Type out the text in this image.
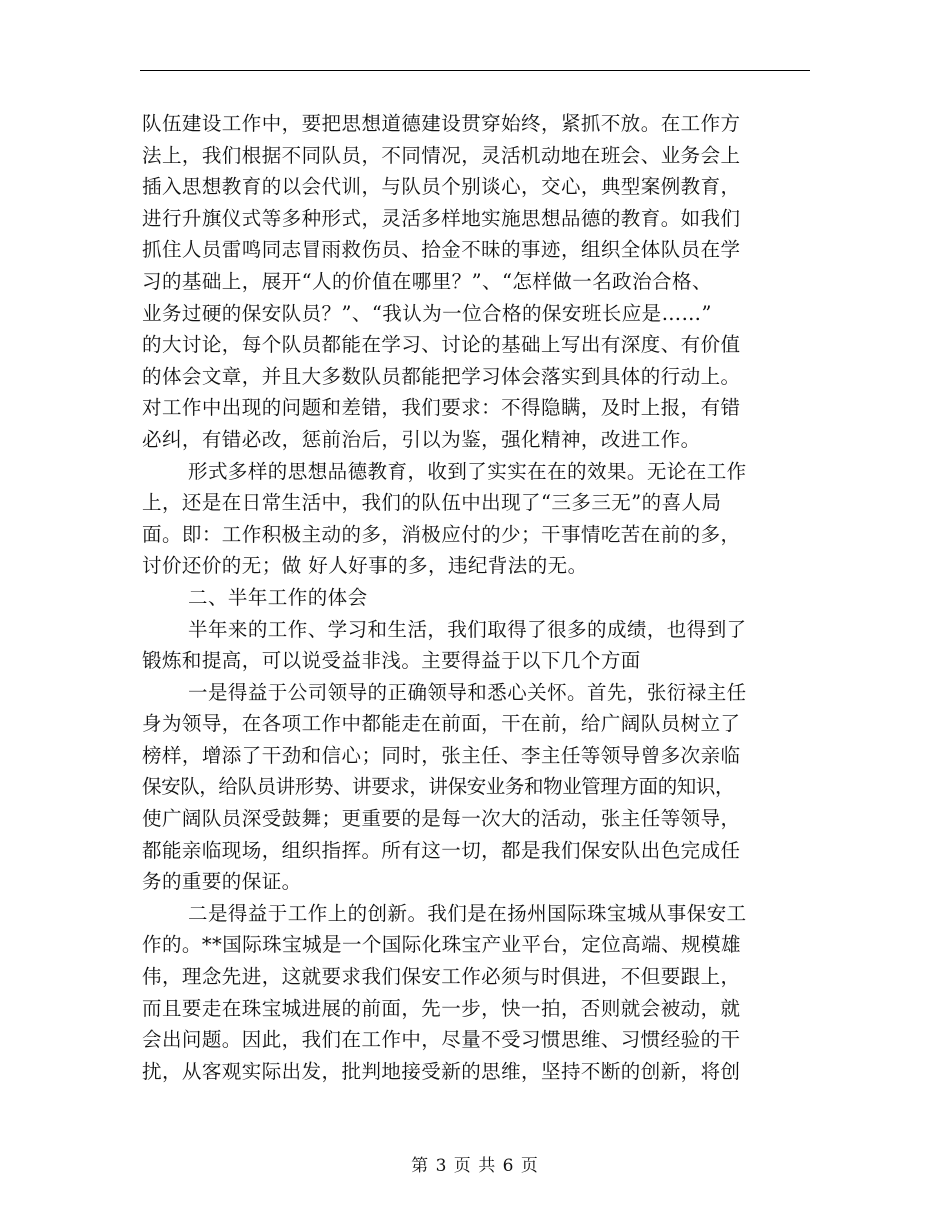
队伍建设工作中，要把思想道德建设贯穿始终，紧抓不放。在工作方
法上，我们根据不同队员，不同情况，灵活机动地在班会、业务会上
插入思想教育的以会代训，与队员个别谈心，交心，典型案例教育，
进行升旗仪式等多种形式，灵活多样地实施思想品德的教育。如我们
抓住人员雷鸣同志冒雨救伤员、拾金不昧的事迹，组织全体队员在学
习的基础上，展开“人的价值在哪里？”、“怎样做一名政治合格、
业务过硬的保安队员？”、“我认为一位合格的保安班长应是……”
的大讨论，每个队员都能在学习、讨论的基础上写出有深度、有价值
的体会文章，并且大多数队员都能把学习体会落实到具体的行动上。
对工作中出现的问题和差错，我们要求：不得隐瞒，及时上报，有错
必纠，有错必改，惩前治后，引以为鉴，强化精神，改进工作。
形式多样的思想品德教育，收到了实实在在的效果。无论在工作
上，还是在日常生活中，我们的队伍中出现了“三多三无”的喜人局
面。即：工作积极主动的多，消极应付的少；干事情吃苦在前的多，
讨价还价的无；做 好人好事的多，违纪背法的无。
二、半年工作的体会
半年来的工作、学习和生活，我们取得了很多的成绩，也得到了
锻炼和提高，可以说受益非浅。主要得益于以下几个方面
一是得益于公司领导的正确领导和悉心关怀。首先，张衍禄主任
身为领导，在各项工作中都能走在前面，干在前，给广阔队员树立了
榜样，增添了干劲和信心；同时，张主任、李主任等领导曾多次亲临
保安队，给队员讲形势、讲要求，讲保安业务和物业管理方面的知识，
使广阔队员深受鼓舞；更重要的是每一次大的活动，张主任等领导，
都能亲临现场，组织指挥。所有这一切，都是我们保安队出色完成任
务的重要的保证。
二是得益于工作上的创新。我们是在扬州国际珠宝城从事保安工
作的。**国际珠宝城是一个国际化珠宝产业平台，定位高端、规模雄
伟，理念先进，这就要求我们保安工作必须与时俱进，不但要跟上，
而且要走在珠宝城进展的前面，先一步，快一拍，否则就会被动，就
会出问题。因此，我们在工作中，尽量不受习惯思维、习惯经验的干
扰，从客观实际出发，批判地接受新的思维，坚持不断的创新，将创
第 3 页 共 6 页
